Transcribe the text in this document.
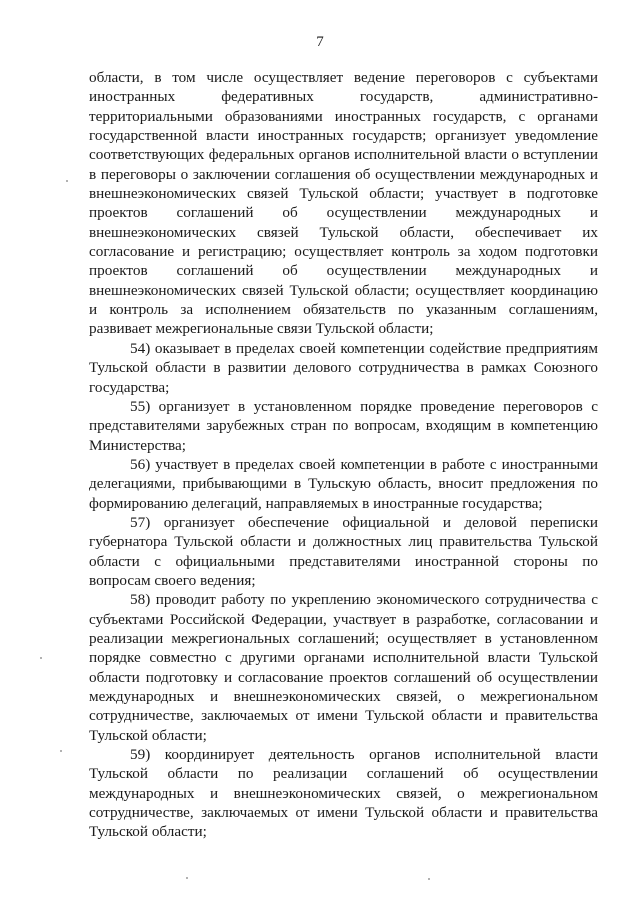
7
области, в том числе осуществляет ведение переговоров с субъектами
иностранных федеративных государств, административно-
территориальными образованиями иностранных государств, с органами
государственной власти иностранных государств; организует уведомление
соответствующих федеральных органов исполнительной власти о вступлении
в переговоры о заключении соглашения об осуществлении международных и
внешнеэкономических связей Тульской области; участвует в подготовке
проектов соглашений об осуществлении международных и
внешнеэкономических связей Тульской области, обеспечивает их
согласование и регистрацию; осуществляет контроль за ходом подготовки
проектов соглашений об осуществлении международных и
внешнеэкономических связей Тульской области; осуществляет координацию
и контроль за исполнением обязательств по указанным соглашениям,
развивает межрегиональные связи Тульской области;
54) оказывает в пределах своей компетенции содействие предприятиям
Тульской области в развитии делового сотрудничества в рамках Союзного
государства;
55) организует в установленном порядке проведение переговоров с
представителями зарубежных стран по вопросам, входящим в компетенцию
Министерства;
56) участвует в пределах своей компетенции в работе с иностранными
делегациями, прибывающими в Тульскую область, вносит предложения по
формированию делегаций, направляемых в иностранные государства;
57) организует обеспечение официальной и деловой переписки
губернатора Тульской области и должностных лиц правительства Тульской
области с официальными представителями иностранной стороны по
вопросам своего ведения;
58) проводит работу по укреплению экономического сотрудничества с
субъектами Российской Федерации, участвует в разработке, согласовании и
реализации межрегиональных соглашений; осуществляет в установленном
порядке совместно с другими органами исполнительной власти Тульской
области подготовку и согласование проектов соглашений об осуществлении
международных и внешнеэкономических связей, о межрегиональном
сотрудничестве, заключаемых от имени Тульской области и правительства
Тульской области;
59) координирует деятельность органов исполнительной власти
Тульской области по реализации соглашений об осуществлении
международных и внешнеэкономических связей, о межрегиональном
сотрудничестве, заключаемых от имени Тульской области и правительства
Тульской области;
